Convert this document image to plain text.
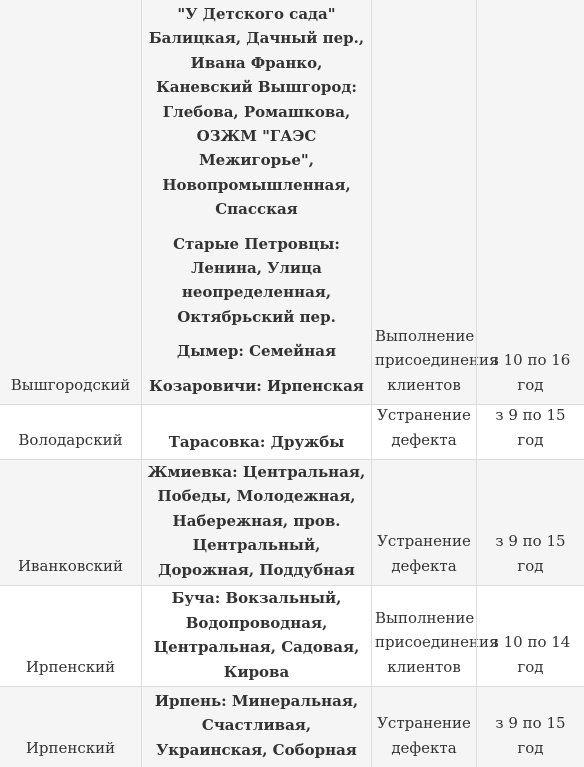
Вышгородский

"У Детского сада" Балицкая, Дачный пер., Ивана Франко, Каневский Вышгород: Глебова, Ромашкова, ОЗЖМ "ГАЭС Межигорье", Новопромышленная, Спасская

Старые Петровцы: Ленина, Улица неопределенная, Октябрьский пер.

Дымер: Семейная

Козаровичи: Ирпенская

Выполнение присоединения клиентов
з 10 по 16 год
Володарский	Тарасовка: Дружбы

Устранение дефекта
з 9 по 15 год
Иванковский

Жмиевка: Центральная, Победы, Молодежная, Набережная, пров. Центральный, Дорожная, Поддубная

Устранение дефекта
з 9 по 15 год
Ирпенский

Буча: Вокзальный, Водопроводная, Центральная, Садовая, Кирова

Выполнение присоединения клиентов
з 10 по 14 год
Ирпенский

Ирпень: Минеральная, Счастливая, Украинская, Соборная

Устранение дефекта
з 9 по 15 год
